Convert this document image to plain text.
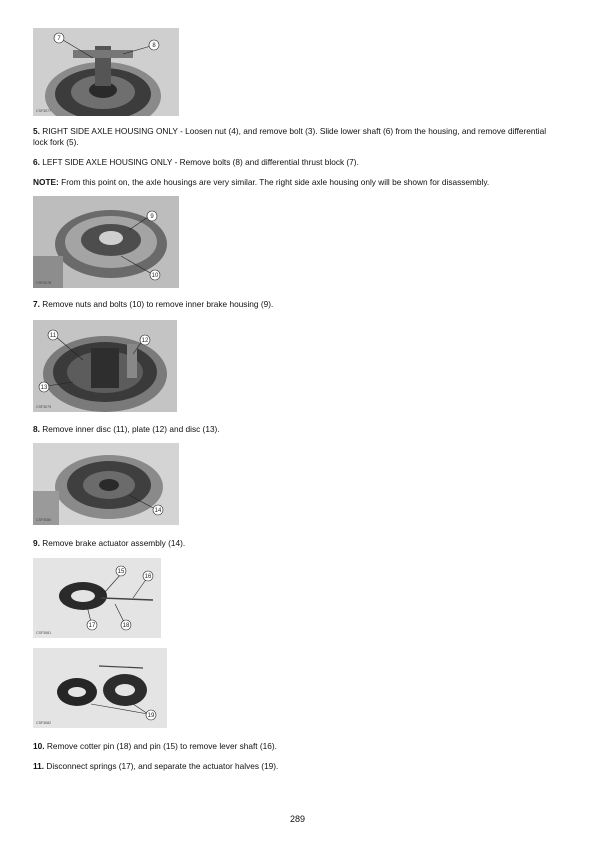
7
8
CSF3077

5. RIGHT SIDE AXLE HOUSING ONLY - Loosen nut (4), and remove bolt (3). Slide lower shaft (6) from the housing, and remove differential lock fork (5).

6. LEFT SIDE AXLE HOUSING ONLY - Remove bolts (8) and differential thrust block (7).

NOTE: From this point on, the axle housings are very similar. The right side axle housing only will be shown for disassembly.

9
10
CSF3078

7. Remove nuts and bolts (10) to remove inner brake housing (9).

11
12
13
CSF3079

8. Remove inner disc (11), plate (12) and disc (13).

14
CSF3080

9. Remove brake actuator assembly (14).

15
16
17	18
CSF3081
19
CSF3082

10. Remove cotter pin (18) and pin (15) to remove lever shaft (16).

11. Disconnect springs (17), and separate the actuator halves (19).

289
